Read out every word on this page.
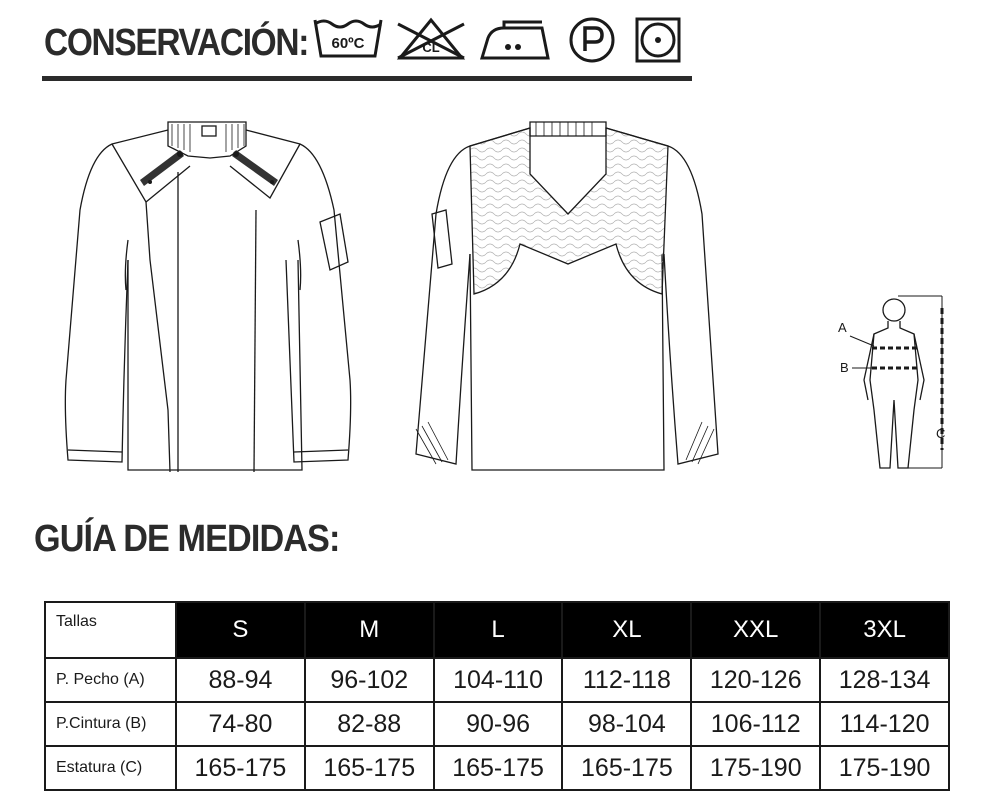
CONSERVACIÓN: 60ºC	CL
A
B
C
GUÍA DE MEDIDAS:
Tallas	S	M	L	XL	XXL	3XL
P. Pecho (A)	88-94	96-102	104-110	112-118	120-126	128-134
P.Cintura (B)	74-80	82-88	90-96	98-104	106-112	114-120
Estatura (C)	165-175	165-175	165-175	165-175	175-190	175-190
